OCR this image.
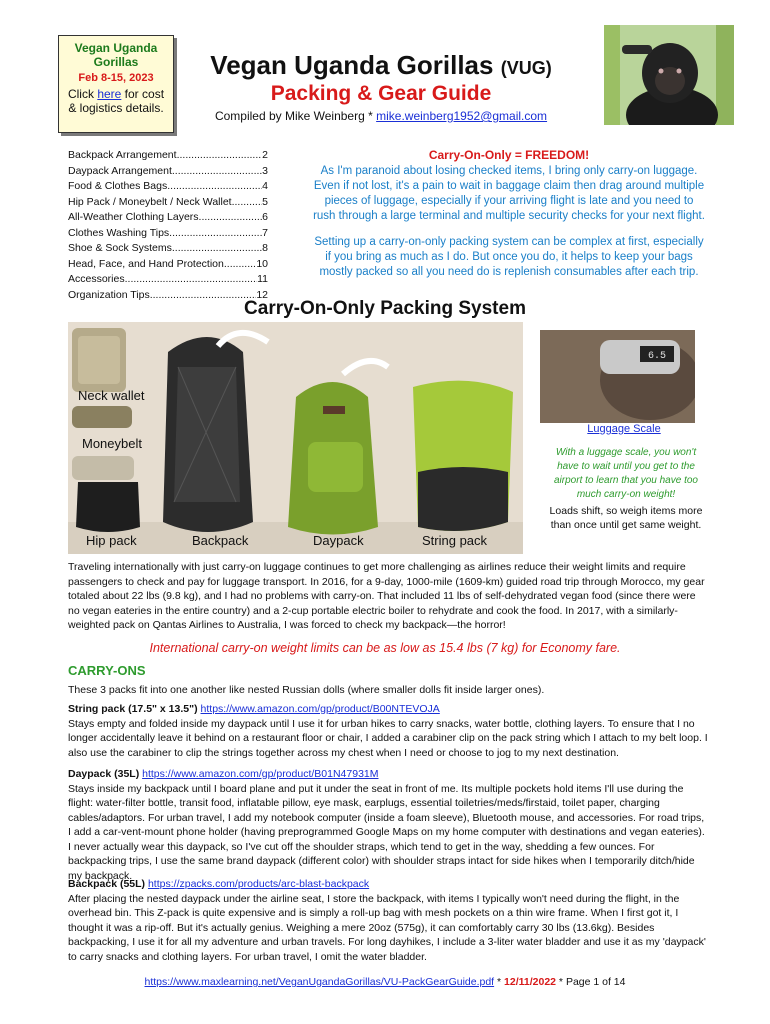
Vegan Uganda Gorillas
Feb 8-15, 2023
Click here for cost
& logistics details.
Vegan Uganda Gorillas (VUG)
Packing & Gear Guide
Compiled by Mike Weinberg * mike.weinberg1952@gmail.com
Backpack Arrangement .....	2
Daypack Arrangement .....	3
Food & Clothes Bags .....	4
Hip Pack / Moneybelt / Neck Wallet .....	5
All-Weather Clothing Layers .....	6
Clothes Washing Tips .....	7
Shoe & Sock Systems .....	8
Head, Face, and Hand Protection .....	10
Accessories .....	11
Organization Tips .....	12
Carry-On-Only = FREEDOM!
As I'm paranoid about losing checked items, I bring only carry-on luggage. Even if not lost, it's a pain to wait in baggage claim then drag around multiple pieces of luggage, especially if your arriving flight is late and you need to rush through a large terminal and multiple security checks for your next flight.
Setting up a carry-on-only packing system can be complex at first, especially if you bring as much as I do. But once you do, it helps to keep your bags mostly packed so all you need do is replenish consumables after each trip.
Carry-On-Only Packing System
Neck wallet
Moneybelt
Hip pack	Backpack	Daypack	String pack
6.5
Luggage Scale
With a luggage scale, you won't have to wait until you get to the airport to learn that you have too much carry-on weight!
Loads shift, so weigh items more than once until get same weight.
Traveling internationally with just carry-on luggage continues to get more challenging as airlines reduce their weight limits and require passengers to check and pay for luggage transport. In 2016, for a 9-day, 1000-mile (1609-km) guided road trip through Morocco, my gear totaled about 22 lbs (9.8 kg), and I had no problems with carry-on. That included 11 lbs of self-dehydrated vegan food (since there were no vegan eateries in the entire country) and a 2-cup portable electric boiler to rehydrate and cook the food. In 2017, with a similarly-weighted pack on Qantas Airlines to Australia, I was forced to check my backpack—the horror!
International carry-on weight limits can be as low as 15.4 lbs (7 kg) for Economy fare.
CARRY-ONS
These 3 packs fit into one another like nested Russian dolls (where smaller dolls fit inside larger ones).
String pack (17.5" x 13.5") https://www.amazon.com/gp/product/B00NTEVOJA
Stays empty and folded inside my daypack until I use it for urban hikes to carry snacks, water bottle, clothing layers. To ensure that I no longer accidentally leave it behind on a restaurant floor or chair, I added a carabiner clip on the pack string which I attach to my belt loop. I also use the carabiner to clip the strings together across my chest when I need or choose to jog to my next destination.
Daypack (35L) https://www.amazon.com/gp/product/B01N47931M
Stays inside my backpack until I board plane and put it under the seat in front of me. Its multiple pockets hold items I'll use during the flight: water-filter bottle, transit food, inflatable pillow, eye mask, earplugs, essential toiletries/meds/firstaid, toilet paper, charging cables/adaptors. For urban travel, I add my notebook computer (inside a foam sleeve), Bluetooth mouse, and accessories. For road trips, I add a car-vent-mount phone holder (having preprogrammed Google Maps on my home computer with destinations and vegan eateries). I never actually wear this daypack, so I've cut off the shoulder straps, which tend to get in the way, shedding a few ounces. For backpacking trips, I use the same brand daypack (different color) with shoulder straps intact for side hikes when I temporarily ditch/hide my backpack.
Backpack (55L) https://zpacks.com/products/arc-blast-backpack
After placing the nested daypack under the airline seat, I store the backpack, with items I typically won't need during the flight, in the overhead bin. This Z-pack is quite expensive and is simply a roll-up bag with mesh pockets on a thin wire frame. When I first got it, I thought it was a rip-off. But it's actually genius. Weighing a mere 20oz (575g), it can comfortably carry 30 lbs (13.6kg). Besides backpacking, I use it for all my adventure and urban travels. For long dayhikes, I include a 3-liter water bladder and use it as my 'daypack' to carry snacks and clothing layers. For urban travel, I omit the water bladder.
https://www.maxlearning.net/VeganUgandaGorillas/VU-PackGearGuide.pdf * 12/11/2022 * Page 1 of 14
